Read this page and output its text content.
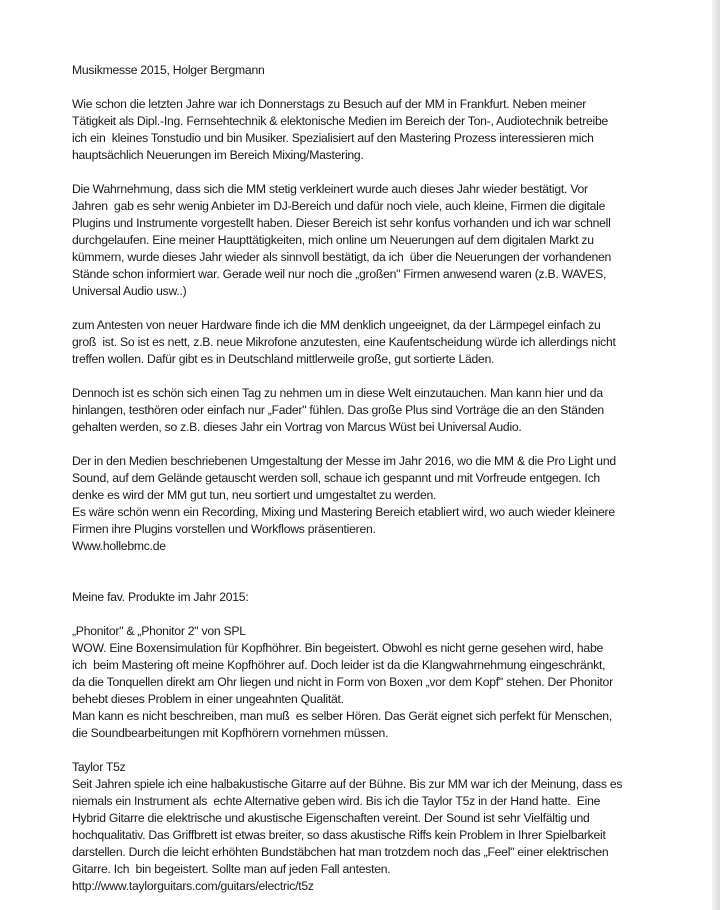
Musikmesse 2015, Holger Bergmann

Wie schon die letzten Jahre war ich Donnerstags zu Besuch auf der MM in Frankfurt. Neben meiner
Tätigkeit als Dipl.-Ing. Fernsehtechnik & elektonische Medien im Bereich der Ton-, Audiotechnik betreibe
ich ein  kleines Tonstudio und bin Musiker. Spezialisiert auf den Mastering Prozess interessieren mich
hauptsächlich Neuerungen im Bereich Mixing/Mastering.

Die Wahrnehmung, dass sich die MM stetig verkleinert wurde auch dieses Jahr wieder bestätigt. Vor
Jahren  gab es sehr wenig Anbieter im DJ-Bereich und dafür noch viele, auch kleine, Firmen die digitale
Plugins und Instrumente vorgestellt haben. Dieser Bereich ist sehr konfus vorhanden und ich war schnell
durchgelaufen. Eine meiner Haupttätigkeiten, mich online um Neuerungen auf dem digitalen Markt zu
kümmern, wurde dieses Jahr wieder als sinnvoll bestätigt, da ich  über die Neuerungen der vorhandenen
Stände schon informiert war. Gerade weil nur noch die „großen" Firmen anwesend waren (z.B. WAVES,
Universal Audio usw..)

zum Antesten von neuer Hardware finde ich die MM denklich ungeeignet, da der Lärmpegel einfach zu
groß  ist. So ist es nett, z.B. neue Mikrofone anzutesten, eine Kaufentscheidung würde ich allerdings nicht
treffen wollen. Dafür gibt es in Deutschland mittlerweile große, gut sortierte Läden.

Dennoch ist es schön sich einen Tag zu nehmen um in diese Welt einzutauchen. Man kann hier und da
hinlangen, testhören oder einfach nur „Fader" fühlen. Das große Plus sind Vorträge die an den Ständen
gehalten werden, so z.B. dieses Jahr ein Vortrag von Marcus Wüst bei Universal Audio.

Der in den Medien beschriebenen Umgestaltung der Messe im Jahr 2016, wo die MM & die Pro Light und
Sound, auf dem Gelände getauscht werden soll, schaue ich gespannt und mit Vorfreude entgegen. Ich
denke es wird der MM gut tun, neu sortiert und umgestaltet zu werden.
Es wäre schön wenn ein Recording, Mixing und Mastering Bereich etabliert wird, wo auch wieder kleinere
Firmen ihre Plugins vorstellen und Workflows präsentieren.
Www.hollebmc.de

Meine fav. Produkte im Jahr 2015:

„Phonitor" & „Phonitor 2" von SPL

WOW. Eine Boxensimulation für Kopfhöhrer. Bin begeistert. Obwohl es nicht gerne gesehen wird, habe
ich  beim Mastering oft meine Kopfhöhrer auf. Doch leider ist da die Klangwahrnehmung eingeschränkt,
da die Tonquellen direkt am Ohr liegen und nicht in Form von Boxen „vor dem Kopf" stehen. Der Phonitor
behebt dieses Problem in einer ungeahnten Qualität.
Man kann es nicht beschreiben, man muß  es selber Hören. Das Gerät eignet sich perfekt für Menschen,
die Soundbearbeitungen mit Kopfhörern vornehmen müssen.

Taylor T5z

Seit Jahren spiele ich eine halbakustische Gitarre auf der Bühne. Bis zur MM war ich der Meinung, dass es
niemals ein Instrument als  echte Alternative geben wird. Bis ich die Taylor T5z in der Hand hatte.  Eine
Hybrid Gitarre die elektrische und akustische Eigenschaften vereint. Der Sound ist sehr Vielfältig und
hochqualitativ. Das Griffbrett ist etwas breiter, so dass akustische Riffs kein Problem in Ihrer Spielbarkeit
darstellen. Durch die leicht erhöhten Bundstäbchen hat man trotzdem noch das „Feel" einer elektrischen
Gitarre. Ich  bin begeistert. Sollte man auf jeden Fall antesten.
http://www.taylorguitars.com/guitars/electric/t5z
